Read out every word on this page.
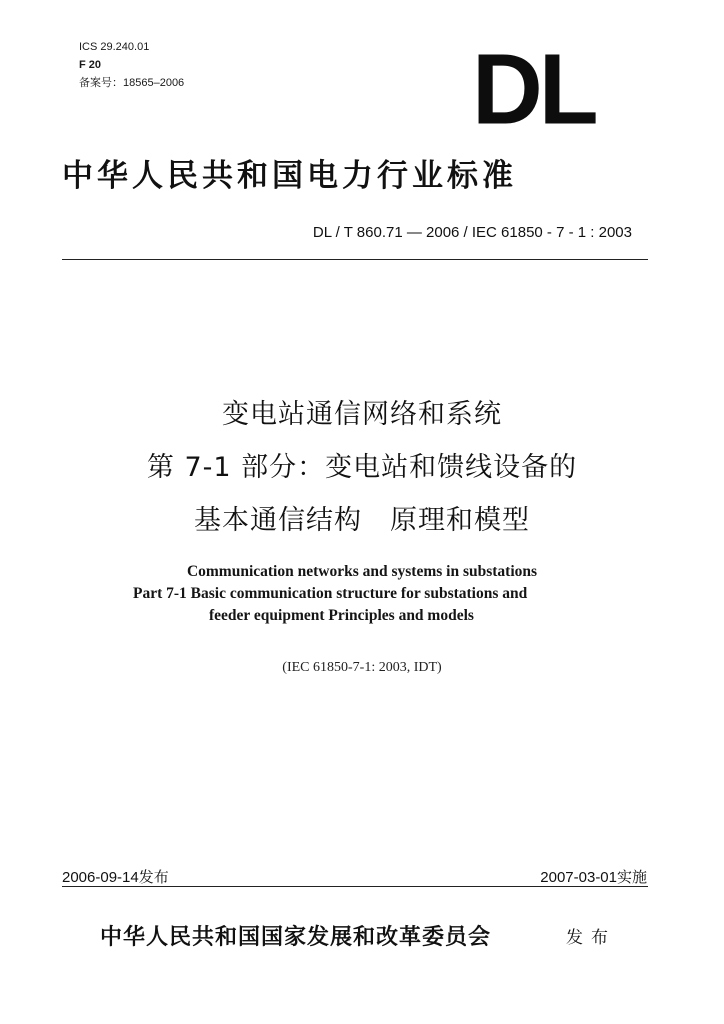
ICS 29.240.01
F 20
备案号：18565–2006	DL
中华人民共和国电力行业标准
DL / T 860.71 — 2006 / IEC 61850 - 7 - 1 : 2003
变电站通信网络和系统
第 7-1 部分：变电站和馈线设备的
基本通信结构　原理和模型
Communication networks and systems in substations
Part 7-1 Basic communication structure for substations and
feeder equipment Principles and models
(IEC 61850-7-1: 2003, IDT)
2006-09-14发布	2007-03-01实施
中华人民共和国国家发展和改革委员会	发布
